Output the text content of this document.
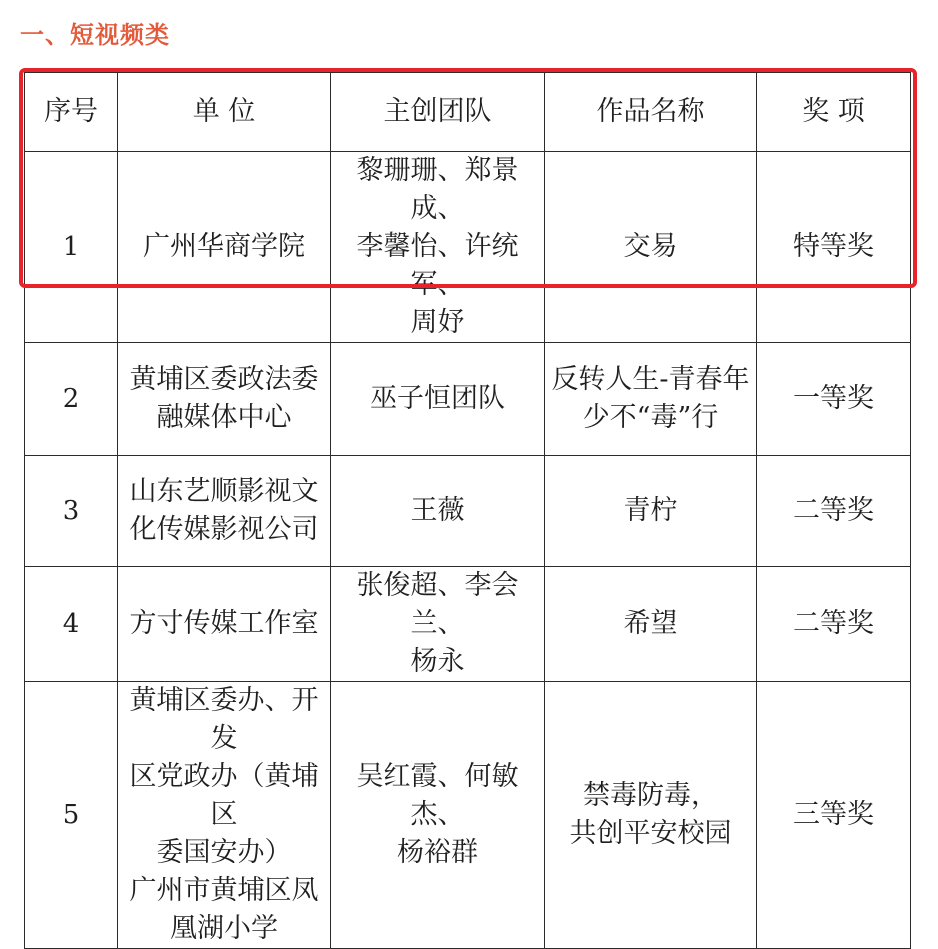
一、短视频类
序号	单 位	主创团队	作品名称	奖 项
1	广州华商学院	黎珊珊、郑景成、
李馨怡、许统军、
周妤	交易	特等奖
2	黄埔区委政法委
融媒体中心	巫子恒团队	反转人生-青春年
少不“毒”行	一等奖
3	山东艺顺影视文
化传媒影视公司	王薇	青柠	二等奖
4	方寸传媒工作室	张俊超、李会兰、
杨永	希望	二等奖
5	黄埔区委办、开发
区党政办（黄埔区
委国安办）
广州市黄埔区凤
凰湖小学	吴红霞、何敏杰、
杨裕群	禁毒防毒，
共创平安校园	三等奖
